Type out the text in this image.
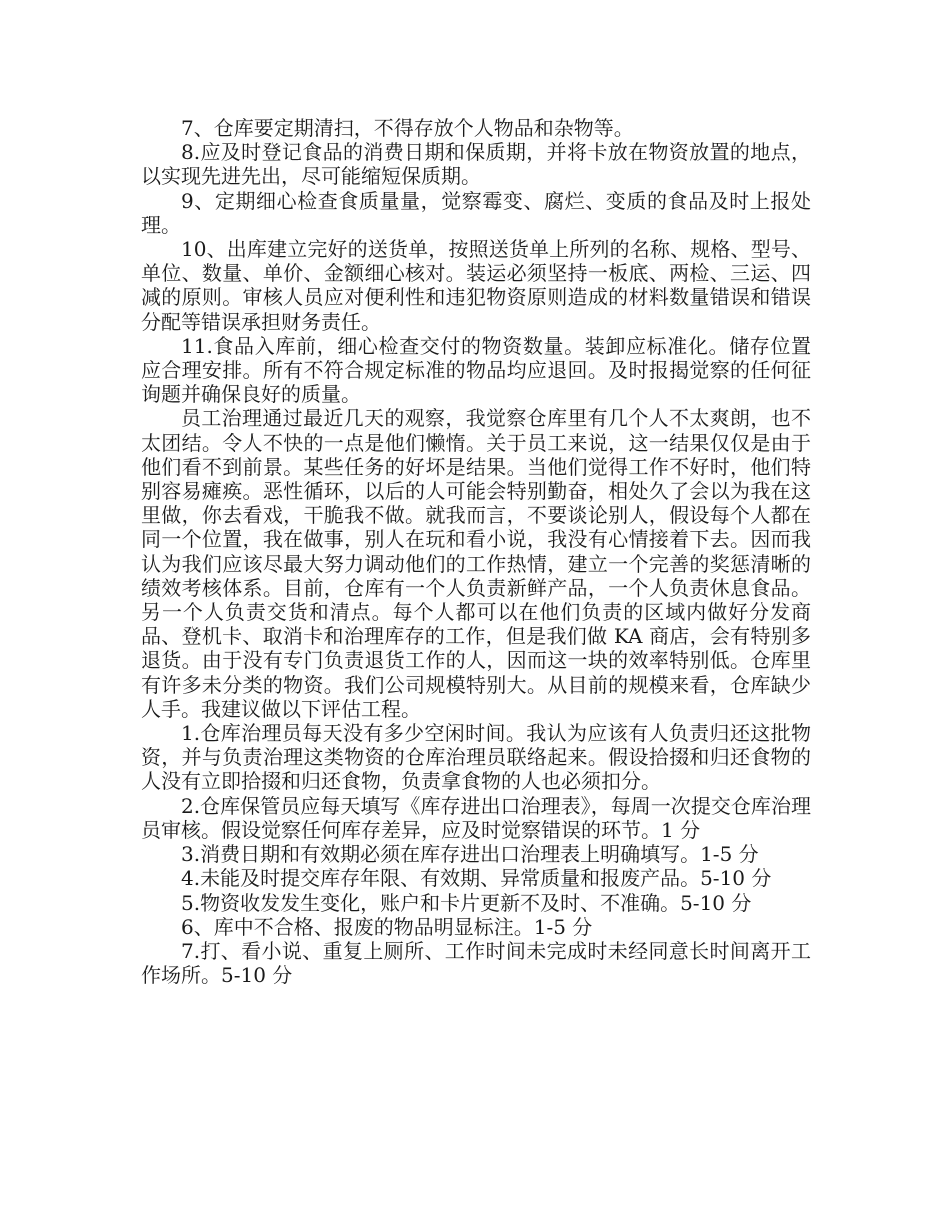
7、仓库要定期清扫，不得存放个人物品和杂物等。

8.应及时登记食品的消费日期和保质期，并将卡放在物资放置的地点，以实现先进先出，尽可能缩短保质期。

9、定期细心检查食质量量，觉察霉变、腐烂、变质的食品及时上报处理。

10、出库建立完好的送货单，按照送货单上所列的名称、规格、型号、单位、数量、单价、金额细心核对。装运必须坚持一板底、两检、三运、四减的原则。审核人员应对便利性和违犯物资原则造成的材料数量错误和错误分配等错误承担财务责任。

11.食品入库前，细心检查交付的物资数量。装卸应标准化。储存位置应合理安排。所有不符合规定标准的物品均应退回。及时报揭觉察的任何征询题并确保良好的质量。

员工治理通过最近几天的观察，我觉察仓库里有几个人不太爽朗，也不太团结。令人不快的一点是他们懒惰。关于员工来说，这一结果仅仅是由于他们看不到前景。某些任务的好坏是结果。当他们觉得工作不好时，他们特别容易瘫痪。恶性循环，以后的人可能会特别勤奋，相处久了会以为我在这里做，你去看戏，干脆我不做。就我而言，不要谈论别人，假设每个人都在同一个位置，我在做事，别人在玩和看小说，我没有心情接着下去。因而我认为我们应该尽最大努力调动他们的工作热情，建立一个完善的奖惩清晰的绩效考核体系。目前，仓库有一个人负责新鲜产品，一个人负责休息食品。另一个人负责交货和清点。每个人都可以在他们负责的区域内做好分发商品、登机卡、取消卡和治理库存的工作，但是我们做 KA 商店，会有特别多退货。由于没有专门负责退货工作的人，因而这一块的效率特别低。仓库里有许多未分类的物资。我们公司规模特别大。从目前的规模来看，仓库缺少人手。我建议做以下评估工程。

1.仓库治理员每天没有多少空闲时间。我认为应该有人负责归还这批物资，并与负责治理这类物资的仓库治理员联络起来。假设拾掇和归还食物的人没有立即拾掇和归还食物，负责拿食物的人也必须扣分。

2.仓库保管员应每天填写《库存进出口治理表》，每周一次提交仓库治理员审核。假设觉察任何库存差异，应及时觉察错误的环节。1 分

3.消费日期和有效期必须在库存进出口治理表上明确填写。1-5 分

4.未能及时提交库存年限、有效期、异常质量和报废产品。5-10 分

5.物资收发发生变化，账户和卡片更新不及时、不准确。5-10 分

6、库中不合格、报废的物品明显标注。1-5 分

7.打、看小说、重复上厕所、工作时间未完成时未经同意长时间离开工作场所。5-10 分
